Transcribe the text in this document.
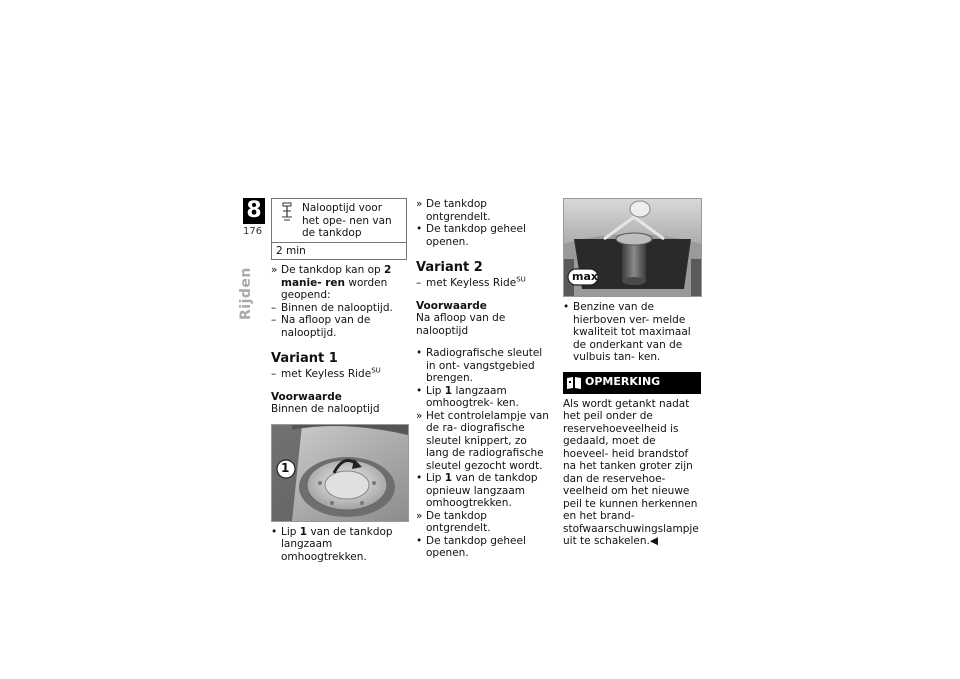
8
176
Rijden
Nalooptijd voor het ope- nen van de tankdop
2 min
» De tankdop kan op 2 manie- ren worden geopend:
– Binnen de nalooptijd.
– Na afloop van de nalooptijd.
Variant 1
– met Keyless Ride$^{SU}$
Voorwaarde
Binnen de nalooptijd
1
• Lip 1 van de tankdop langzaam omhoogtrekken.
» De tankdop ontgrendelt.
• De tankdop geheel openen.
Variant 2
– met Keyless Ride$^{SU}$
Voorwaarde
Na afloop van de nalooptijd
• Radiografische sleutel in ont- vangstgebied brengen.
• Lip 1 langzaam omhoogtrek- ken.
» Het controlelampje van de ra- diografische sleutel knippert, zo lang de radiografische sleutel gezocht wordt.
• Lip 1 van de tankdop opnieuw langzaam omhoogtrekken.
» De tankdop ontgrendelt.
• De tankdop geheel openen.
max
• Benzine van de hierboven ver- melde kwaliteit tot maximaal de onderkant van de vulbuis tan- ken.
OPMERKING
Als wordt getankt nadat het peil onder de reservehoeveelheid is gedaald, moet de hoeveel- heid brandstof na het tanken groter zijn dan de reservehoe- veelheid om het nieuwe peil te kunnen herkennen en het brand- stofwaarschuwingslampje uit te schakelen.◀
